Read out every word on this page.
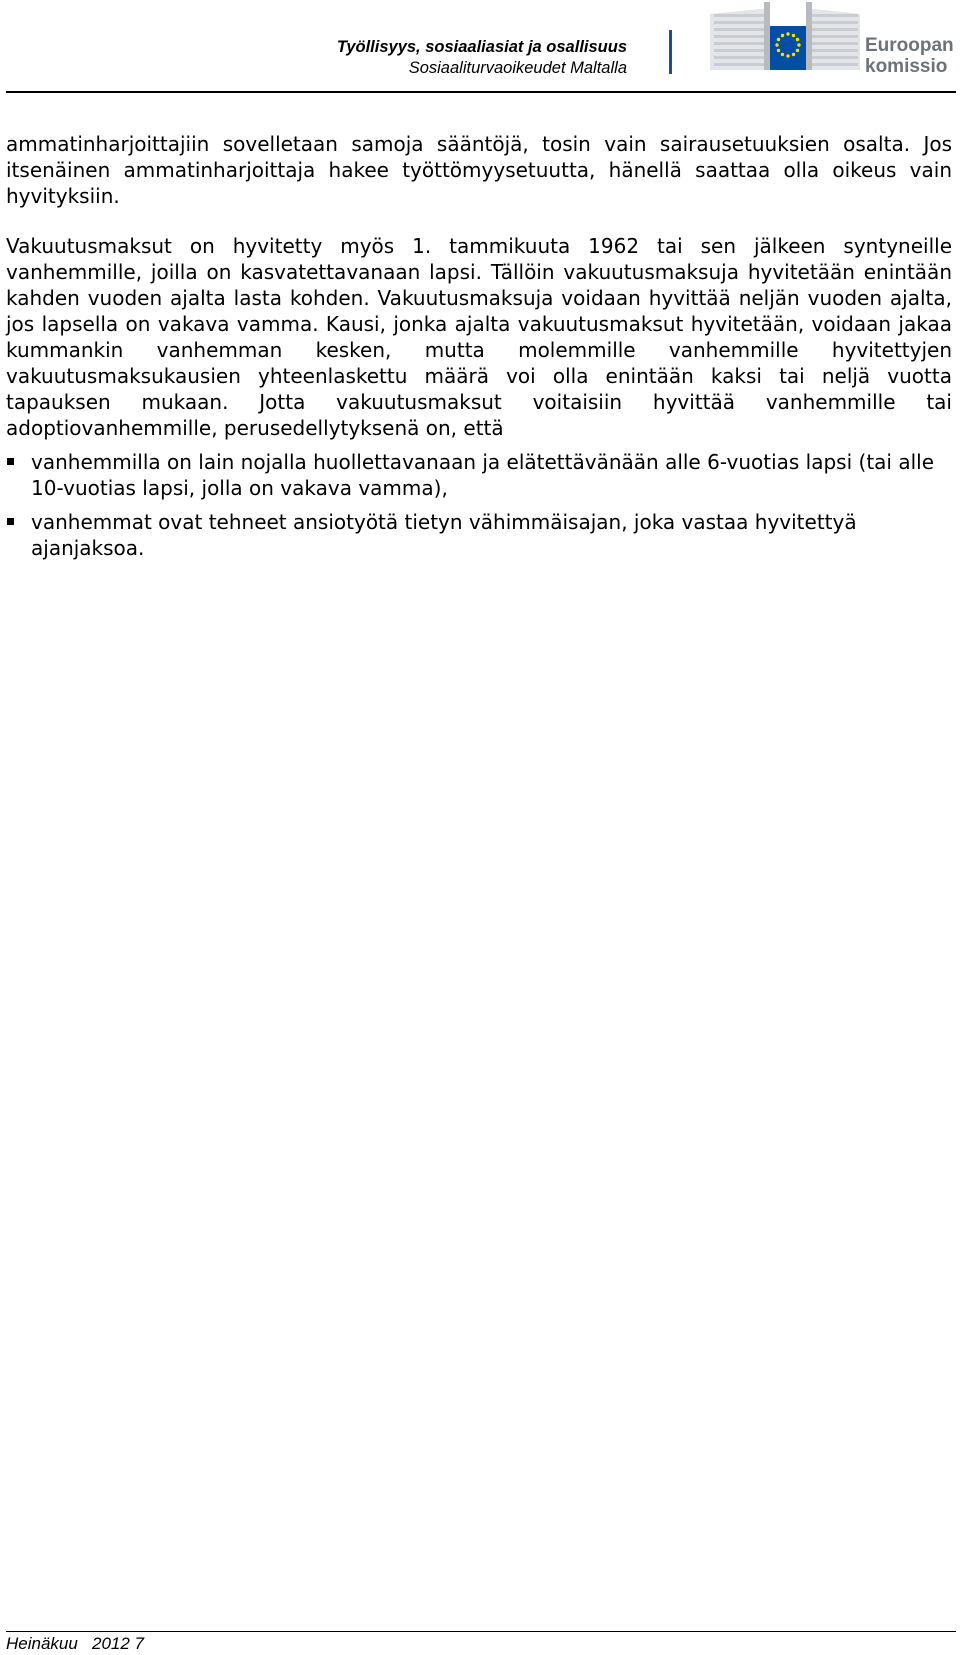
Työllisyys, sosiaaliasiat ja osallisuus
Sosiaaliturvaoikeudet Maltalla
Euroopan
komissio

ammatinharjoittajiin sovelletaan samoja sääntöjä, tosin vain sairausetuuksien osalta. Jos itsenäinen ammatinharjoittaja hakee työttömyysetuutta, hänellä saattaa olla oikeus vain hyvityksiin.

Vakuutusmaksut on hyvitetty myös 1. tammikuuta 1962 tai sen jälkeen syntyneille vanhemmille, joilla on kasvatettavanaan lapsi. Tällöin vakuutusmaksuja hyvitetään enintään kahden vuoden ajalta lasta kohden. Vakuutusmaksuja voidaan hyvittää neljän vuoden ajalta, jos lapsella on vakava vamma. Kausi, jonka ajalta vakuutusmaksut hyvitetään, voidaan jakaa kummankin vanhemman kesken, mutta molemmille vanhemmille hyvitettyjen vakuutusmaksukausien yhteenlaskettu määrä voi olla enintään kaksi tai neljä vuotta tapauksen mukaan. Jotta vakuutusmaksut voitaisiin hyvittää vanhemmille tai adoptiovanhemmille, perusedellytyksenä on, että

vanhemmilla on lain nojalla huollettavanaan ja elätettävänään alle 6-vuotias lapsi (tai alle 10-vuotias lapsi, jolla on vakava vamma),
vanhemmat ovat tehneet ansiotyötä tietyn vähimmäisajan, joka vastaa hyvitettyä ajanjaksoa.
Heinäkuu   2012 7
